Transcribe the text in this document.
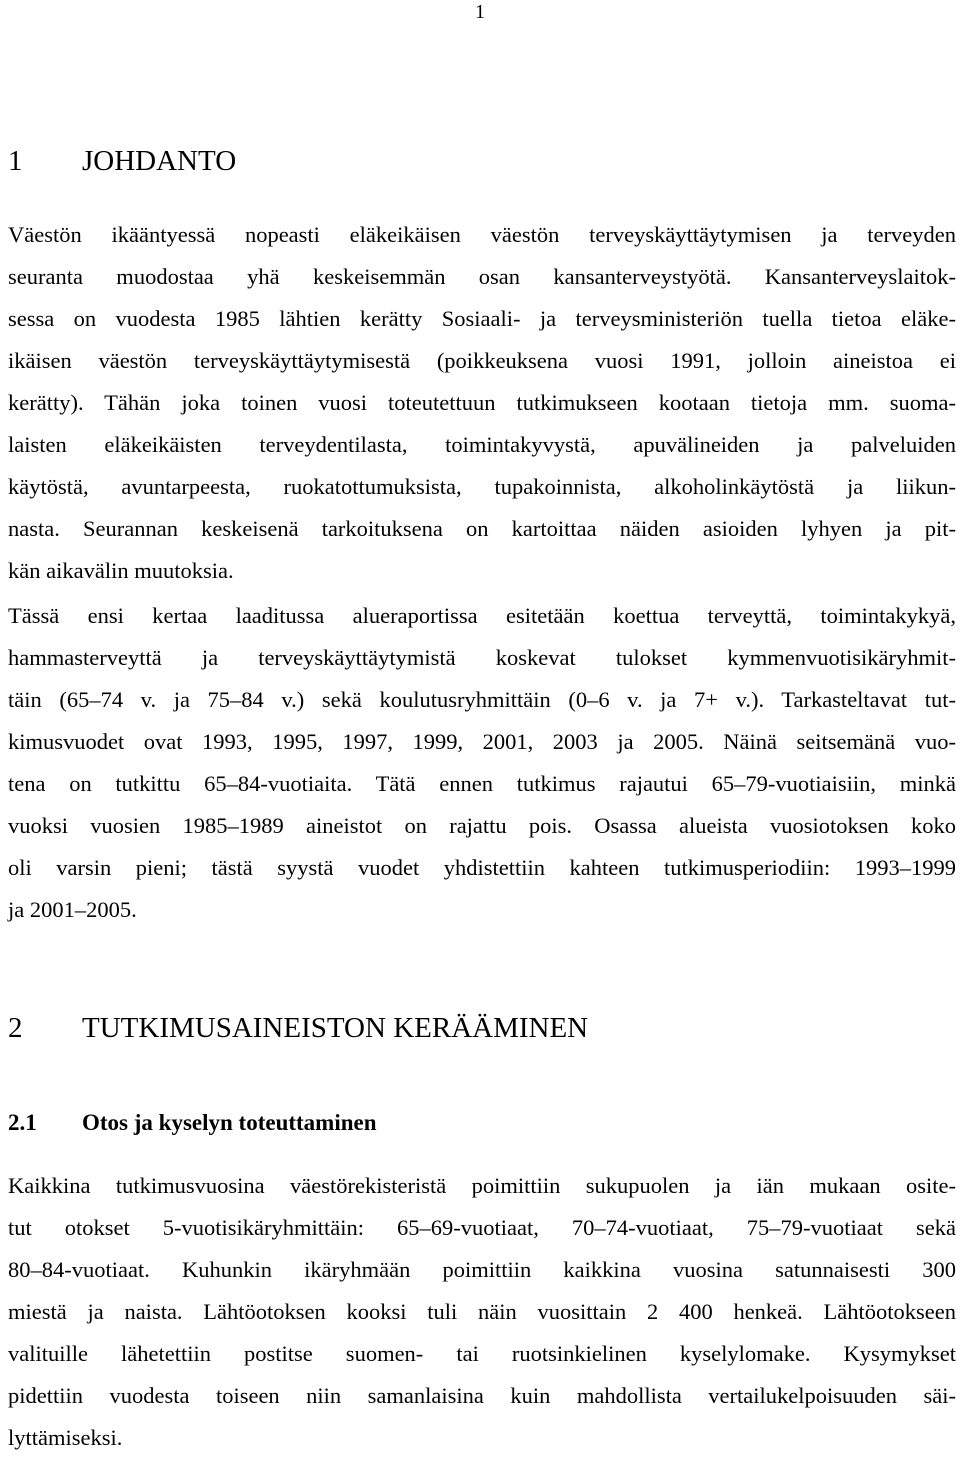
1
1 JOHDANTO
Väestön ikääntyessä nopeasti eläkeikäisen väestön terveyskäyttäytymisen ja terveyden
seuranta muodostaa yhä keskeisemmän osan kansanterveystyötä. Kansanterveyslaitok-
sessa on vuodesta 1985 lähtien kerätty Sosiaali- ja terveysministeriön tuella tietoa eläke-
ikäisen väestön terveyskäyttäytymisestä (poikkeuksena vuosi 1991, jolloin aineistoa ei
kerätty). Tähän joka toinen vuosi toteutettuun tutkimukseen kootaan tietoja mm. suoma-
laisten eläkeikäisten terveydentilasta, toimintakyvystä, apuvälineiden ja palveluiden
käytöstä, avuntarpeesta, ruokatottumuksista, tupakoinnista, alkoholinkäytöstä ja liikun-
nasta. Seurannan keskeisenä tarkoituksena on kartoittaa näiden asioiden lyhyen ja pit-
kän aikavälin muutoksia.
Tässä ensi kertaa laaditussa alueraportissa esitetään koettua terveyttä, toimintakykyä,
hammasterveyttä ja terveyskäyttäytymistä koskevat tulokset kymmenvuotisikäryhmit-
täin (65–74 v. ja 75–84 v.) sekä koulutusryhmittäin (0–6 v. ja 7+ v.). Tarkasteltavat tut-
kimusvuodet ovat 1993, 1995, 1997, 1999, 2001, 2003 ja 2005. Näinä seitsemänä vuo-
tena on tutkittu 65–84-vuotiaita. Tätä ennen tutkimus rajautui 65–79-vuotiaisiin, minkä
vuoksi vuosien 1985–1989 aineistot on rajattu pois. Osassa alueista vuosiotoksen koko
oli varsin pieni; tästä syystä vuodet yhdistettiin kahteen tutkimusperiodiin: 1993–1999
ja 2001–2005.
2 TUTKIMUSAINEISTON KERÄÄMINEN
2.1 Otos ja kyselyn toteuttaminen
Kaikkina tutkimusvuosina väestörekisteristä poimittiin sukupuolen ja iän mukaan osite-
tut otokset 5-vuotisikäryhmittäin: 65–69-vuotiaat, 70–74-vuotiaat, 75–79-vuotiaat sekä
80–84-vuotiaat. Kuhunkin ikäryhmään poimittiin kaikkina vuosina satunnaisesti 300
miestä ja naista. Lähtöotoksen kooksi tuli näin vuosittain 2 400 henkeä. Lähtöotokseen
valituille lähetettiin postitse suomen- tai ruotsinkielinen kyselylomake. Kysymykset
pidettiin vuodesta toiseen niin samanlaisina kuin mahdollista vertailukelpoisuuden säi-
lyttämiseksi.
